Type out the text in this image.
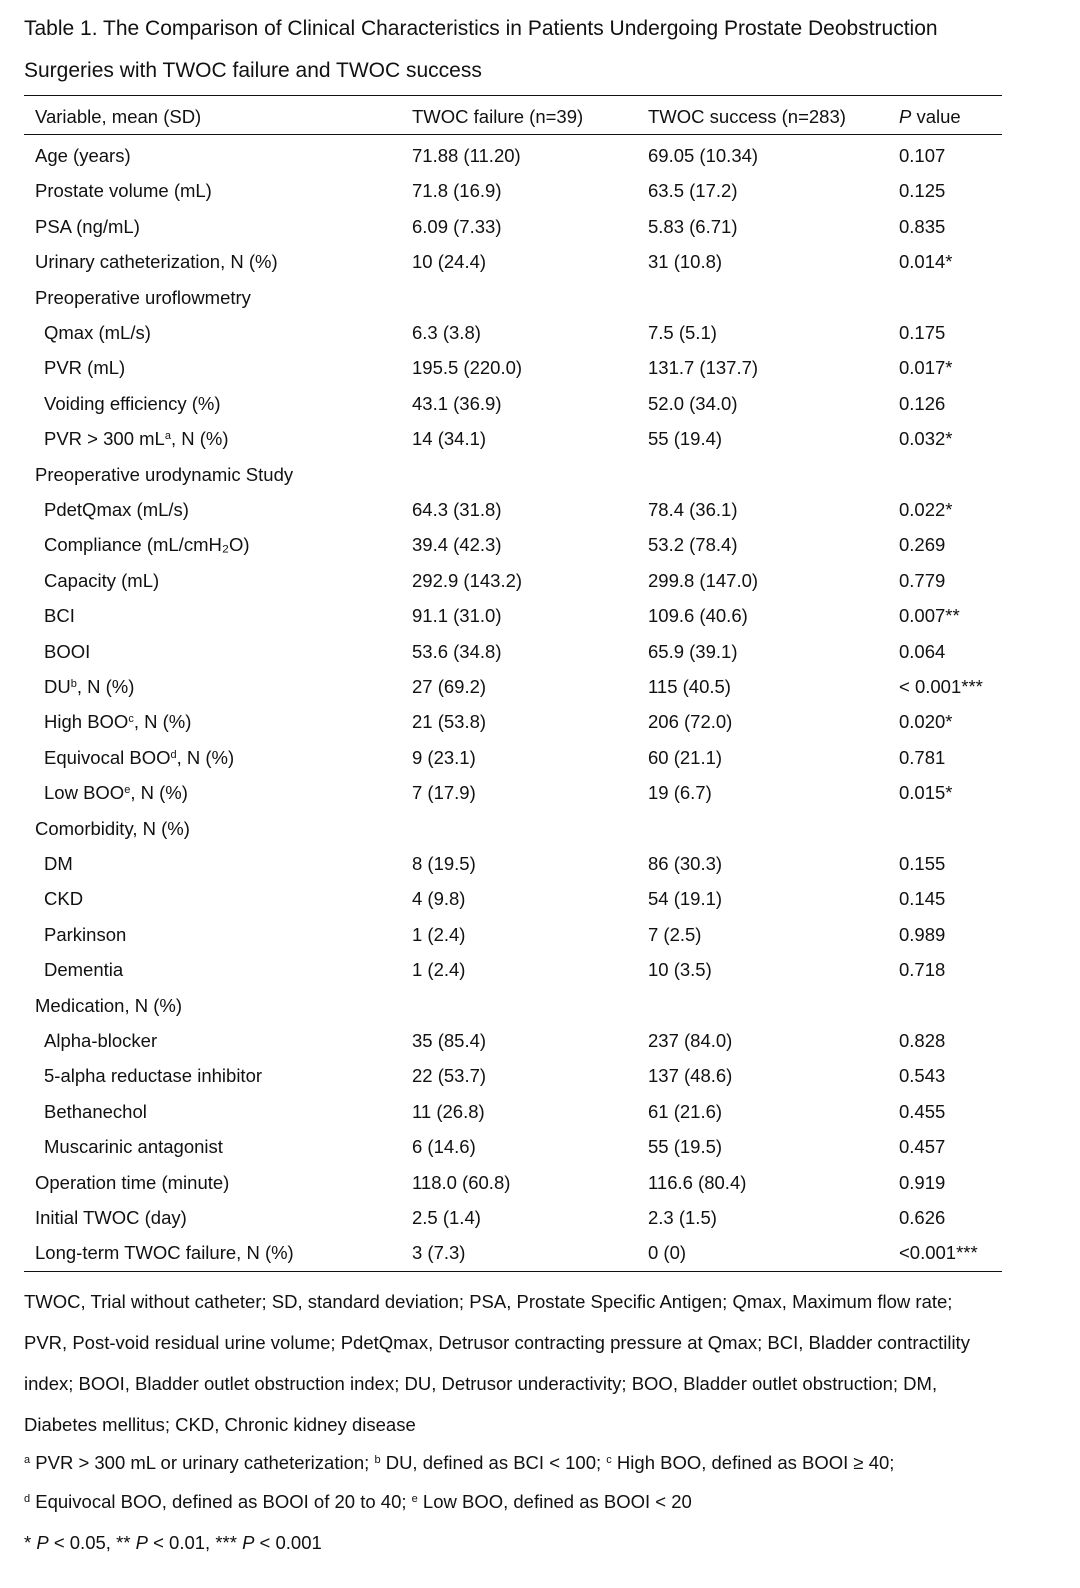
Table 1. The Comparison of Clinical Characteristics in Patients Undergoing Prostate Deobstruction
Surgeries with TWOC failure and TWOC success
Variable, mean (SD)	TWOC failure (n=39)	TWOC success (n=283)	P value
Age (years)	71.88 (11.20)	69.05 (10.34)	0.107
Prostate volume (mL)	71.8 (16.9)	63.5 (17.2)	0.125
PSA (ng/mL)	6.09 (7.33)	5.83 (6.71)	0.835
Urinary catheterization, N (%)	10 (24.4)	31 (10.8)	0.014*
Preoperative uroflowmetry
Qmax (mL/s)	6.3 (3.8)	7.5 (5.1)	0.175
PVR (mL)	195.5 (220.0)	131.7 (137.7)	0.017*
Voiding efficiency (%)	43.1 (36.9)	52.0 (34.0)	0.126
PVR > 300 $mL^a$, N (%)	14 (34.1)	55 (19.4)	0.032*
Preoperative urodynamic Study
PdetQmax (mL/s)	64.3 (31.8)	78.4 (36.1)	0.022*
Compliance (mL/cmH₂O)	39.4 (42.3)	53.2 (78.4)	0.269
Capacity (mL)	292.9 (143.2)	299.8 (147.0)	0.779
BCI	91.1 (31.0)	109.6 (40.6)	0.007**
BOOI	53.6 (34.8)	65.9 (39.1)	0.064
$DU^b$, N (%)	27 (69.2)	115 (40.5)	< 0.001***
High BOO$^c$, N (%)	21 (53.8)	206 (72.0)	0.020*
Equivocal BOO$^d$, N (%)	9 (23.1)	60 (21.1)	0.781
Low BOO$^e$, N (%)	7 (17.9)	19 (6.7)	0.015*
Comorbidity, N (%)
DM	8 (19.5)	86 (30.3)	0.155
CKD	4 (9.8)	54 (19.1)	0.145
Parkinson	1 (2.4)	7 (2.5)	0.989
Dementia	1 (2.4)	10 (3.5)	0.718
Medication, N (%)
Alpha-blocker	35 (85.4)	237 (84.0)	0.828
5-alpha reductase inhibitor	22 (53.7)	137 (48.6)	0.543
Bethanechol	11 (26.8)	61 (21.6)	0.455
Muscarinic antagonist	6 (14.6)	55 (19.5)	0.457
Operation time (minute)	118.0 (60.8)	116.6 (80.4)	0.919
Initial TWOC (day)	2.5 (1.4)	2.3 (1.5)	0.626
Long-term TWOC failure, N (%)	3 (7.3)	0 (0)	<0.001***

TWOC, Trial without catheter; SD, standard deviation; PSA, Prostate Specific Antigen; Qmax, Maximum flow rate;

PVR, Post-void residual urine volume; PdetQmax, Detrusor contracting pressure at Qmax; BCI, Bladder contractility

index; BOOI, Bladder outlet obstruction index; DU, Detrusor underactivity; BOO, Bladder outlet obstruction; DM,

Diabetes mellitus; CKD, Chronic kidney disease

$^a$ PVR > 300 mL or urinary catheterization; $^b$ DU, defined as BCI < 100; $^c$ High BOO, defined as BOOI ≥ 40;
$^d$ Equivocal BOO, defined as BOOI of 20 to 40; $^e$ Low BOO, defined as BOOI < 20
* P < 0.05, ** P < 0.01, *** P < 0.001
